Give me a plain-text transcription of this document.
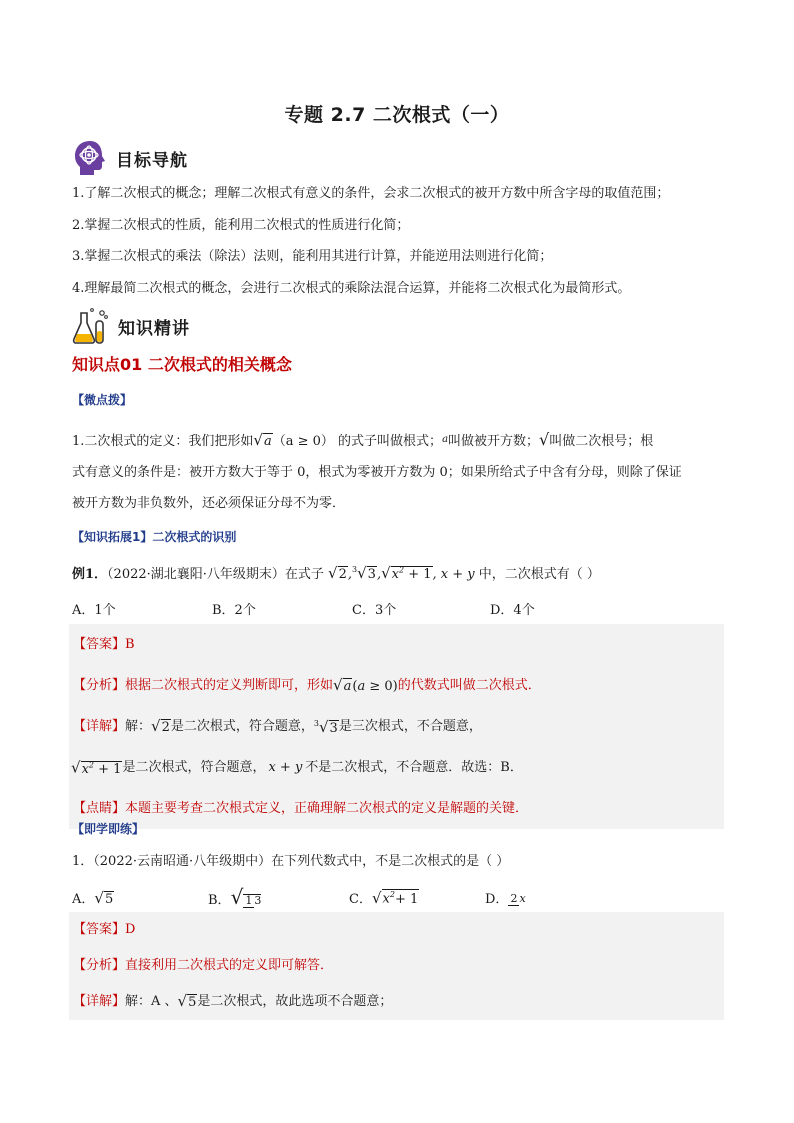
专题 2.7 二次根式（一）
目标导航
1.了解二次根式的概念；理解二次根式有意义的条件，会求二次根式的被开方数中所含字母的取值范围；
2.掌握二次根式的性质，能利用二次根式的性质进行化简；
3.掌握二次根式的乘法（除法）法则，能利用其进行计算，并能逆用法则进行化简；
4.理解最简二次根式的概念，会进行二次根式的乘除法混合运算，并能将二次根式化为最简形式。
知识精讲
知识点01 二次根式的相关概念
【微点拨】
1.二次根式的定义：我们把形如√a（a ≥ 0） 的式子叫做根式；$^a$叫做被开方数；√叫做二次根号；根
式有意义的条件是：被开方数大于等于 0，根式为零被开方数为 0；如果所给式子中含有分母，则除了保证
被开方数为非负数外，还必须保证分母不为零．
【知识拓展1】二次根式的识别
例1．（2022·湖北襄阳·八年级期末）在式子 $√2,^3√3,√x^2 + 1$, x + y 中，二次根式有（ ）
A．1个	B．2个	C．3个	D．4个
【答案】 B
【分析】 根据二次根式的定义判断即可，形如 √a(a ≥ 0) 的代数式叫做二次根式．
【详解】 解： √2 是二次根式，符合题意， $^3$√3 是三次根式，不合题意，
$√x^2 + 1$ 是二次根式，符合题意， x + y 不是二次根式，不合题意．故选：B．
【点睛】 本题主要考查二次根式定义，正确理解二次根式的定义是解题的关键．
【即学即练】
1．（2022·云南昭通·八年级期中）在下列代数式中，不是二次根式的是（ ）
A．√5	B．√ 1 3	C．$√x^2+ 1$	D． 2 x
【答案】 D
【分析】 直接利用二次根式的定义即可解答．
【详解】 解：A 、 √5 是二次根式，故此选项不合题意；
